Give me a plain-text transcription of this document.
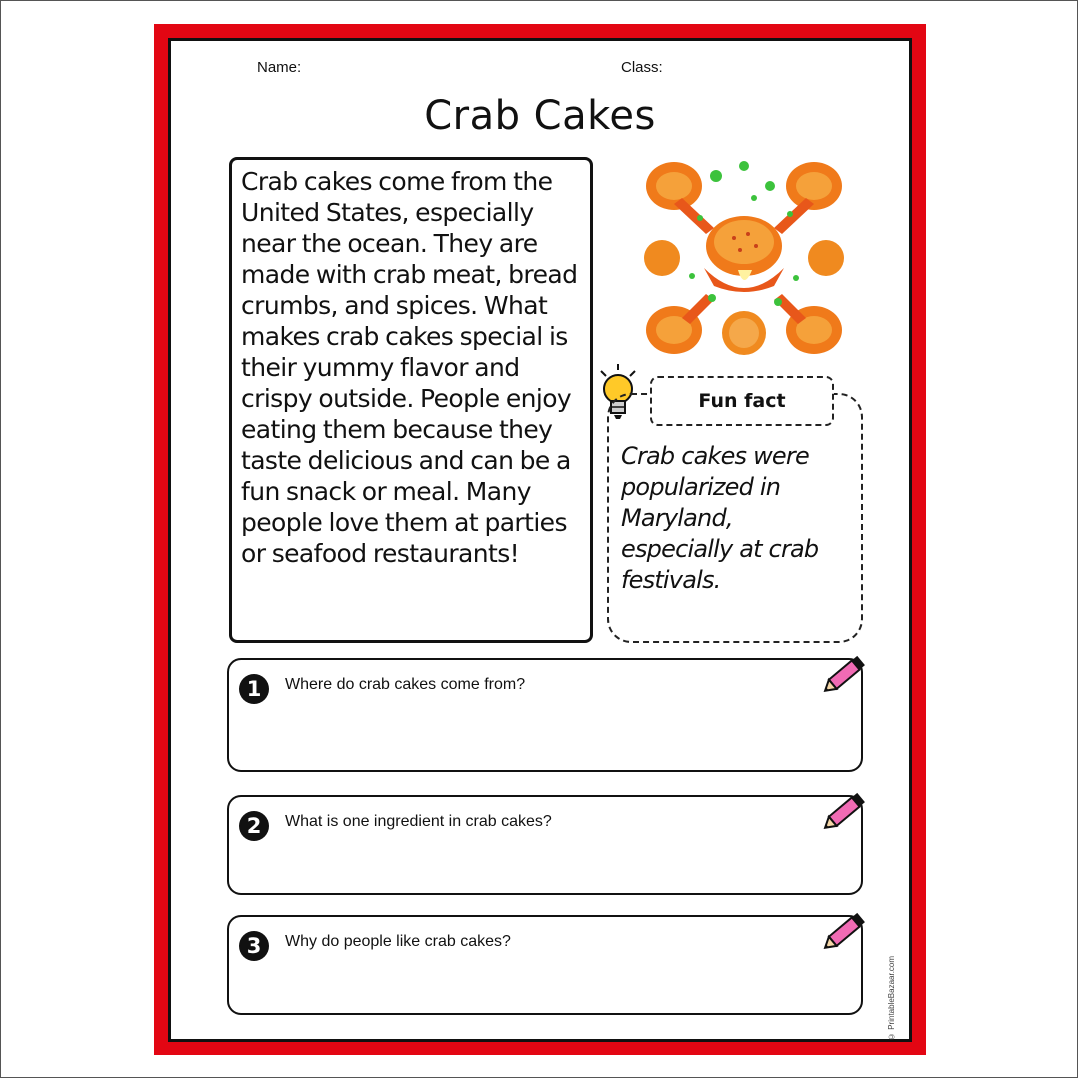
Name:	Class:
Crab Cakes
Crab cakes come from the United States, especially near the ocean. They are made with crab meat, bread crumbs, and spices. What makes crab cakes special is their yummy flavor and crispy outside. People enjoy eating them because they taste delicious and can be a fun snack or meal. Many people love them at parties or seafood restaurants!
Crab cakes were popularized in Maryland, especially at crab festivals.
Fun fact
1	Where do crab cakes come from?
2	What is one ingredient in crab cakes?
3	Why do people like crab cakes?
© PrintableBazaar.com
